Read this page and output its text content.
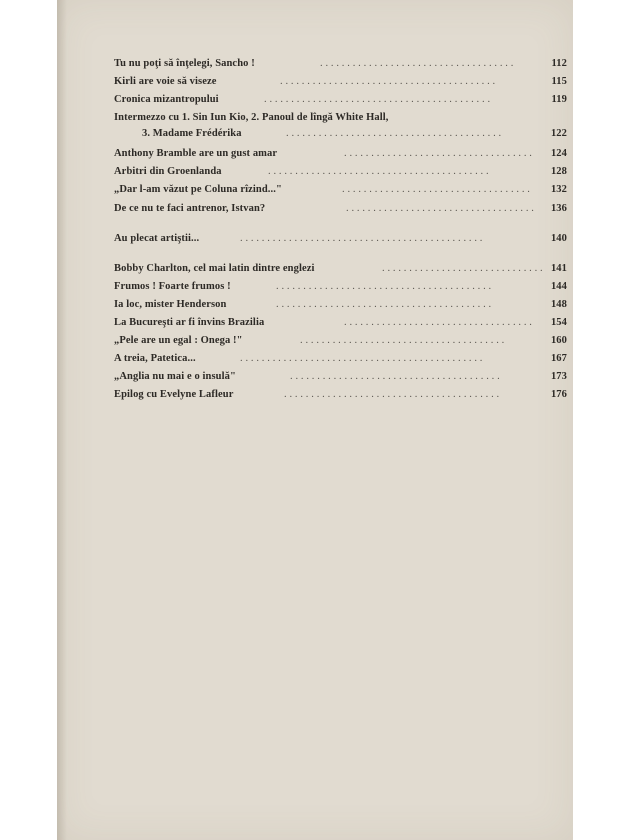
Tu nu poţi să înţelegi, Sancho !	. . . . . . . . . . . . . . . . . . . . . . . . . . . . . . . . . . . .	112
Kirli are voie să viseze	. . . . . . . . . . . . . . . . . . . . . . . . . . . . . . . . . . . . . . . .	115
Cronica mizantropului	. . . . . . . . . . . . . . . . . . . . . . . . . . . . . . . . . . . . . . . . . .	119
Intermezzo cu 1. Sin Iun Kio, 2. Panoul de lîngă White Hall,
3. Madame Frédérika	. . . . . . . . . . . . . . . . . . . . . . . . . . . . . . . . . . . . . . . .	122
Anthony Bramble are un gust amar	. . . . . . . . . . . . . . . . . . . . . . . . . . . . . . . . . . . 124
Arbitri din Groenlanda	. . . . . . . . . . . . . . . . . . . . . . . . . . . . . . . . . . . . . . . . .	128
„Dar l-am văzut pe Coluna rîzind..."	. . . . . . . . . . . . . . . . . . . . . . . . . . . . . . . . . . . 132
De ce nu te faci antrenor, Istvan?	. . . . . . . . . . . . . . . . . . . . . . . . . . . . . . . . . . . 136
Au plecat artiştii...	. . . . . . . . . . . . . . . . . . . . . . . . . . . . . . . . . . . . . . . . . . . . .	140
Bobby Charlton, cel mai latin dintre englezi	. . . . . . . . . . . . . . . . . . . . . . . . . . . . . . 141
Frumos ! Foarte frumos !	. . . . . . . . . . . . . . . . . . . . . . . . . . . . . . . . . . . . . . . .	144
Ia loc, mister Henderson	. . . . . . . . . . . . . . . . . . . . . . . . . . . . . . . . . . . . . . . .	148
La Bucureşti ar fi învins Brazilia	. . . . . . . . . . . . . . . . . . . . . . . . . . . . . . . . . . . 154
„Pele are un egal : Onega !"	. . . . . . . . . . . . . . . . . . . . . . . . . . . . . . . . . . . . . .	160
A treia, Patetica...	. . . . . . . . . . . . . . . . . . . . . . . . . . . . . . . . . . . . . . . . . . . . .	167
„Anglia nu mai e o insulă"	. . . . . . . . . . . . . . . . . . . . . . . . . . . . . . . . . . . . . . .	173
Epilog cu Evelyne Lafleur	. . . . . . . . . . . . . . . . . . . . . . . . . . . . . . . . . . . . . . . .	176
